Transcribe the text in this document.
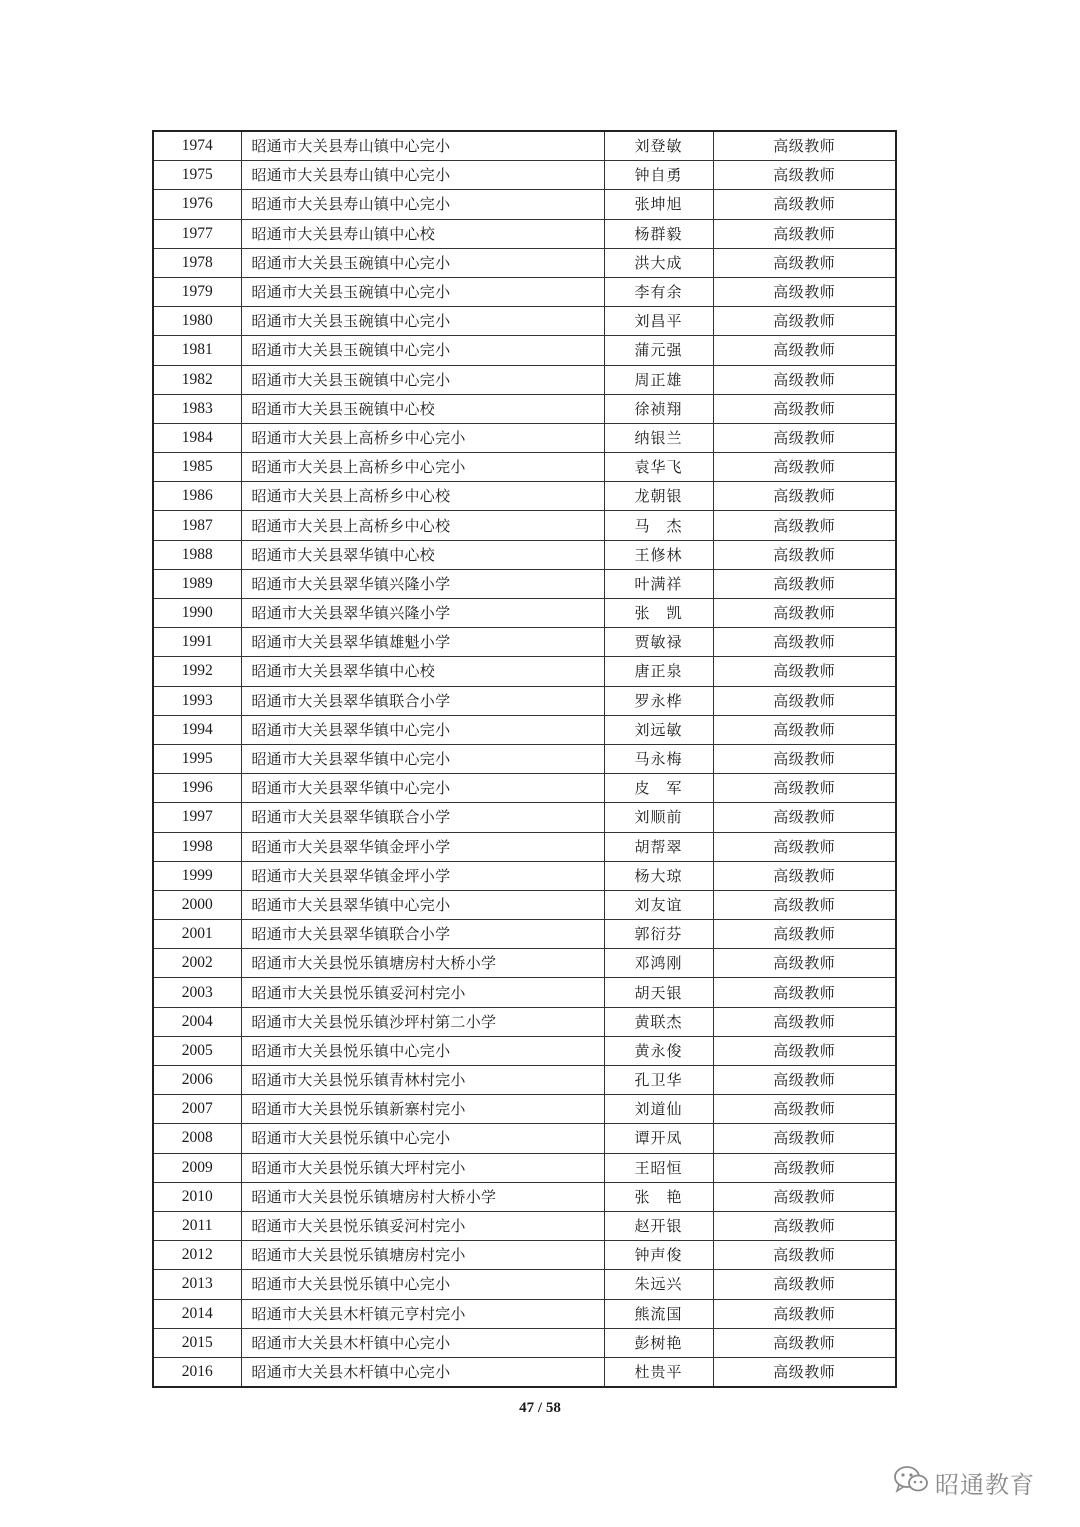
1974	昭通市大关县寿山镇中心完小	刘登敏	高级教师
1975	昭通市大关县寿山镇中心完小	钟自勇	高级教师
1976	昭通市大关县寿山镇中心完小	张坤旭	高级教师
1977	昭通市大关县寿山镇中心校	杨群毅	高级教师
1978	昭通市大关县玉碗镇中心完小	洪大成	高级教师
1979	昭通市大关县玉碗镇中心完小	李有余	高级教师
1980	昭通市大关县玉碗镇中心完小	刘昌平	高级教师
1981	昭通市大关县玉碗镇中心完小	蒲元强	高级教师
1982	昭通市大关县玉碗镇中心完小	周正雄	高级教师
1983	昭通市大关县玉碗镇中心校	徐祯翔	高级教师
1984	昭通市大关县上高桥乡中心完小	纳银兰	高级教师
1985	昭通市大关县上高桥乡中心完小	袁华飞	高级教师
1986	昭通市大关县上高桥乡中心校	龙朝银	高级教师
1987	昭通市大关县上高桥乡中心校	马　杰	高级教师
1988	昭通市大关县翠华镇中心校	王修林	高级教师
1989	昭通市大关县翠华镇兴隆小学	叶满祥	高级教师
1990	昭通市大关县翠华镇兴隆小学	张　凯	高级教师
1991	昭通市大关县翠华镇雄魁小学	贾敏禄	高级教师
1992	昭通市大关县翠华镇中心校	唐正泉	高级教师
1993	昭通市大关县翠华镇联合小学	罗永桦	高级教师
1994	昭通市大关县翠华镇中心完小	刘远敏	高级教师
1995	昭通市大关县翠华镇中心完小	马永梅	高级教师
1996	昭通市大关县翠华镇中心完小	皮　军	高级教师
1997	昭通市大关县翠华镇联合小学	刘顺前	高级教师
1998	昭通市大关县翠华镇金坪小学	胡帮翠	高级教师
1999	昭通市大关县翠华镇金坪小学	杨大琼	高级教师
2000	昭通市大关县翠华镇中心完小	刘友谊	高级教师
2001	昭通市大关县翠华镇联合小学	郭衍芬	高级教师
2002	昭通市大关县悦乐镇塘房村大桥小学	邓鸿刚	高级教师
2003	昭通市大关县悦乐镇妥河村完小	胡天银	高级教师
2004	昭通市大关县悦乐镇沙坪村第二小学	黄联杰	高级教师
2005	昭通市大关县悦乐镇中心完小	黄永俊	高级教师
2006	昭通市大关县悦乐镇青林村完小	孔卫华	高级教师
2007	昭通市大关县悦乐镇新寨村完小	刘道仙	高级教师
2008	昭通市大关县悦乐镇中心完小	谭开凤	高级教师
2009	昭通市大关县悦乐镇大坪村完小	王昭恒	高级教师
2010	昭通市大关县悦乐镇塘房村大桥小学	张　艳	高级教师
2011	昭通市大关县悦乐镇妥河村完小	赵开银	高级教师
2012	昭通市大关县悦乐镇塘房村完小	钟声俊	高级教师
2013	昭通市大关县悦乐镇中心完小	朱远兴	高级教师
2014	昭通市大关县木杆镇元亨村完小	熊流国	高级教师
2015	昭通市大关县木杆镇中心完小	彭树艳	高级教师
2016	昭通市大关县木杆镇中心完小	杜贵平	高级教师
47 / 58
昭通教育
